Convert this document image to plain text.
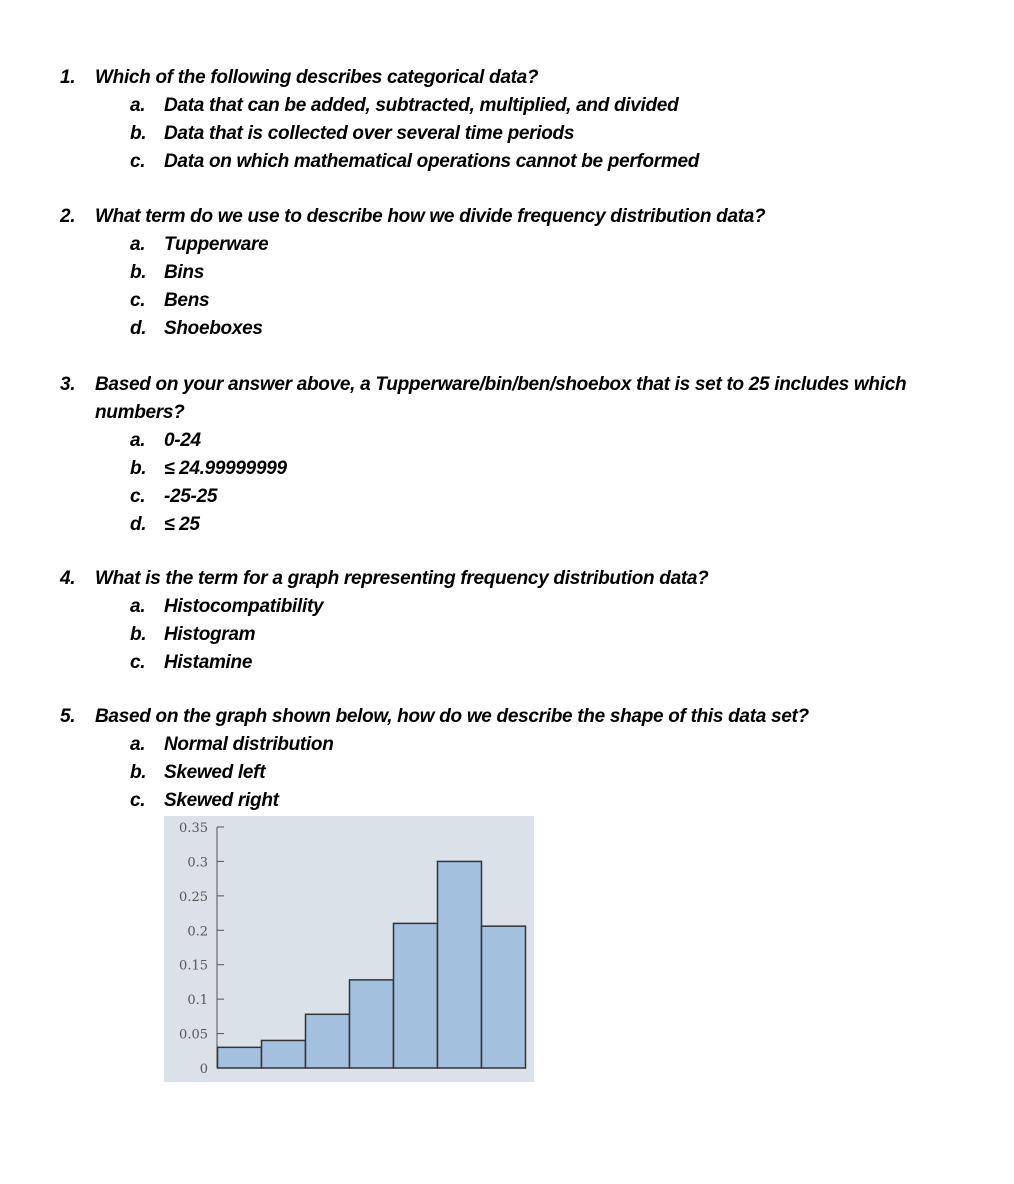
1.	Which of the following describes categorical data?
a. Data that can be added, subtracted, multiplied, and divided
b. Data that is collected over several time periods
c. Data on which mathematical operations cannot be performed
2.	What term do we use to describe how we divide frequency distribution data?
a. Tupperware
b. Bins
c. Bens
d. Shoeboxes
3.	Based on your answer above, a Tupperware/bin/ben/shoebox that is set to 25 includes which numbers?
a. 0-24
b. ≤ 24.99999999
c. -25-25
d. ≤ 25
4.	What is the term for a graph representing frequency distribution data?
a. Histocompatibility
b. Histogram
c. Histamine
5.	Based on the graph shown below, how do we describe the shape of this data set?
a. Normal distribution
b. Skewed left
c. Skewed right
0
0.05
0.1
0.15
0.2
0.25
0.3
0.35
